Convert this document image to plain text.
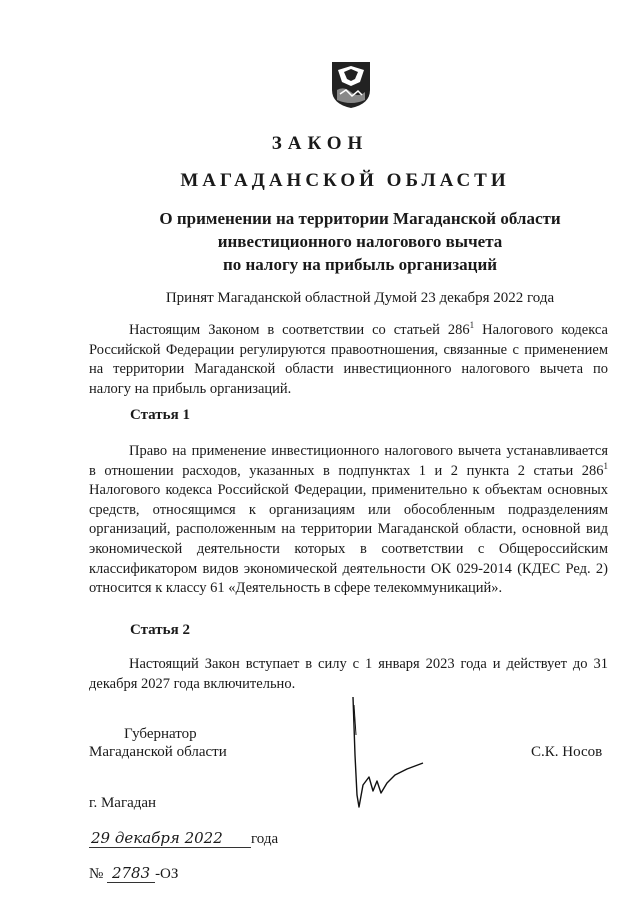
ЗАКОН
МАГАДАНСКОЙ ОБЛАСТИ
О применении на территории Магаданской области
инвестиционного налогового вычета
по налогу на прибыль организаций
Принят Магаданской областной Думой 23 декабря 2022 года
Настоящим Законом в соответствии со статьей $286^1$ Налогового кодекса Российской Федерации регулируются правоотношения, связанные с применением на территории Магаданской области инвестиционного налогового вычета по налогу на прибыль организаций.
Статья 1
Право на применение инвестиционного налогового вычета устанавливается в отношении расходов, указанных в подпунктах 1 и 2 пункта 2 статьи $286^1$ Налогового кодекса Российской Федерации, применительно к объектам основных средств, относящимся к организациям или обособленным подразделениям организаций, расположенным на территории Магаданской области, основной вид экономической деятельности которых в соответствии с Общероссийским классификатором видов экономической деятельности ОК 029-2014 (КДЕС Ред. 2) относится к классу 61 «Деятельность в сфере телекоммуникаций».
Статья 2
Настоящий Закон вступает в силу с 1 января 2023 года и действует до 31 декабря 2027 года включительно.
Губернатор
Магаданской области	С.К. Носов
г. Магадан
29 декабря 2022 года
№ 2783 -ОЗ
